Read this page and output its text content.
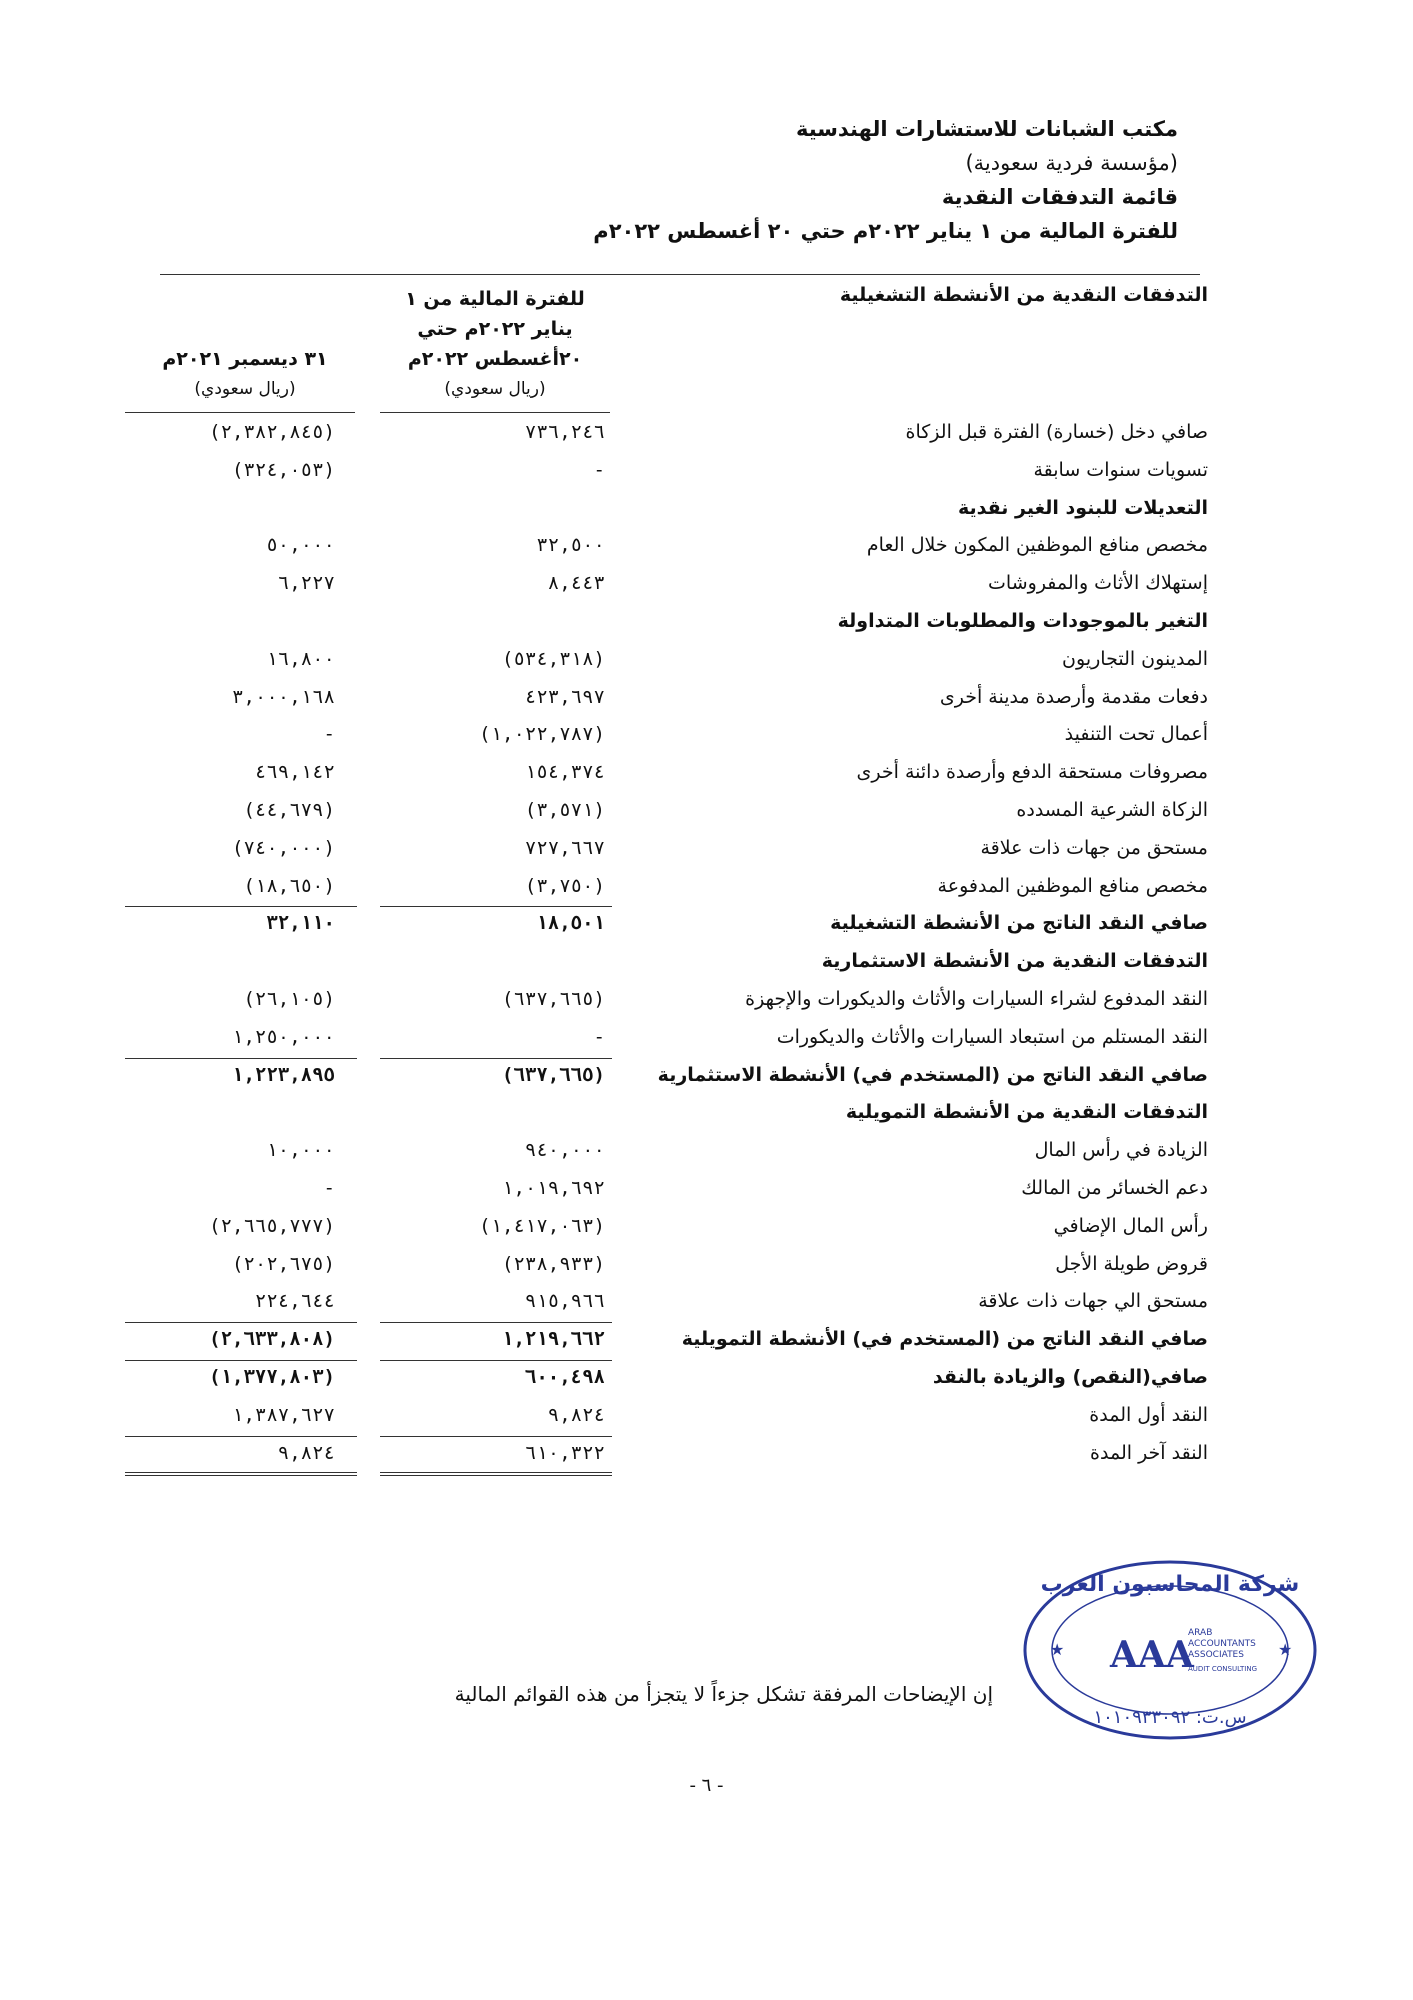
مكتب الشبانات للاستشارات الهندسية
(مؤسسة فردية سعودية)
قائمة التدفقات النقدية
للفترة المالية من ١ يناير ٢٠٢٢م حتي ٢٠ أغسطس ٢٠٢٢م
التدفقات النقدية من الأنشطة التشغيلية
للفترة المالية من ١
يناير ٢٠٢٢م حتي
٢٠أغسطس ٢٠٢٢م
(ريال سعودي)
٣١ ديسمبر ٢٠٢١م
(ريال سعودي)
صافي دخل (خسارة) الفترة قبل الزكاة
٧٣٦,٢٤٦
(٢,٣٨٢,٨٤٥)
تسويات سنوات سابقة
-
(٣٢٤,٠٥٣)
التعديلات للبنود الغير نقدية
مخصص منافع الموظفين المكون خلال العام
٣٢,٥٠٠
٥٠,٠٠٠
إستهلاك الأثاث والمفروشات
٨,٤٤٣
٦,٢٢٧
التغير بالموجودات والمطلوبات المتداولة
المدينون التجاريون
(٥٣٤,٣١٨)
١٦,٨٠٠
دفعات مقدمة وأرصدة مدينة أخرى
٤٢٣,٦٩٧
٣,٠٠٠,١٦٨
أعمال تحت التنفيذ
(١,٠٢٢,٧٨٧)
-
مصروفات مستحقة الدفع وأرصدة دائنة أخرى
١٥٤,٣٧٤
٤٦٩,١٤٢
الزكاة الشرعية المسدده
(٣,٥٧١)
(٤٤,٦٧٩)
مستحق من جهات ذات علاقة
٧٢٧,٦٦٧
(٧٤٠,٠٠٠)
مخصص منافع الموظفين المدفوعة
(٣,٧٥٠)
(١٨,٦٥٠)
صافي النقد الناتج من الأنشطة التشغيلية
١٨,٥٠١
٣٢,١١٠
التدفقات النقدية من الأنشطة الاستثمارية
النقد المدفوع لشراء السيارات والأثاث والديكورات والإجهزة
(٦٣٧,٦٦٥)
(٢٦,١٠٥)
النقد المستلم من استبعاد السيارات والأثاث والديكورات
-
١,٢٥٠,٠٠٠
صافي النقد الناتج من (المستخدم في) الأنشطة الاستثمارية
(٦٣٧,٦٦٥)
١,٢٢٣,٨٩٥
التدفقات النقدية من الأنشطة التمويلية
الزيادة في رأس المال
٩٤٠,٠٠٠
١٠,٠٠٠
دعم الخسائر من المالك
١,٠١٩,٦٩٢
-
رأس المال الإضافي
(١,٤١٧,٠٦٣)
(٢,٦٦٥,٧٧٧)
قروض طويلة الأجل
(٢٣٨,٩٣٣)
(٢٠٢,٦٧٥)
مستحق الي جهات ذات علاقة
٩١٥,٩٦٦
٢٢٤,٦٤٤
صافي النقد الناتج من (المستخدم في) الأنشطة التمويلية
١,٢١٩,٦٦٢
(٢,٦٣٣,٨٠٨)
صافي(النقص) والزيادة بالنقد
٦٠٠,٤٩٨
(١,٣٧٧,٨٠٣)
النقد أول المدة
٩,٨٢٤
١,٣٨٧,٦٢٧
النقد آخر المدة
٦١٠,٣٢٢
٩,٨٢٤
شركة المحاسبون العرب
★	★
AAA
ARAB
ACCOUNTANTS
ASSOCIATES
AUDIT CONSULTING
س.ت: ١٠١٠٩٣٣٠٩٢
إن الإيضاحات المرفقة تشكل جزءاً لا يتجزأ من هذه القوائم المالية
- ٦ -
